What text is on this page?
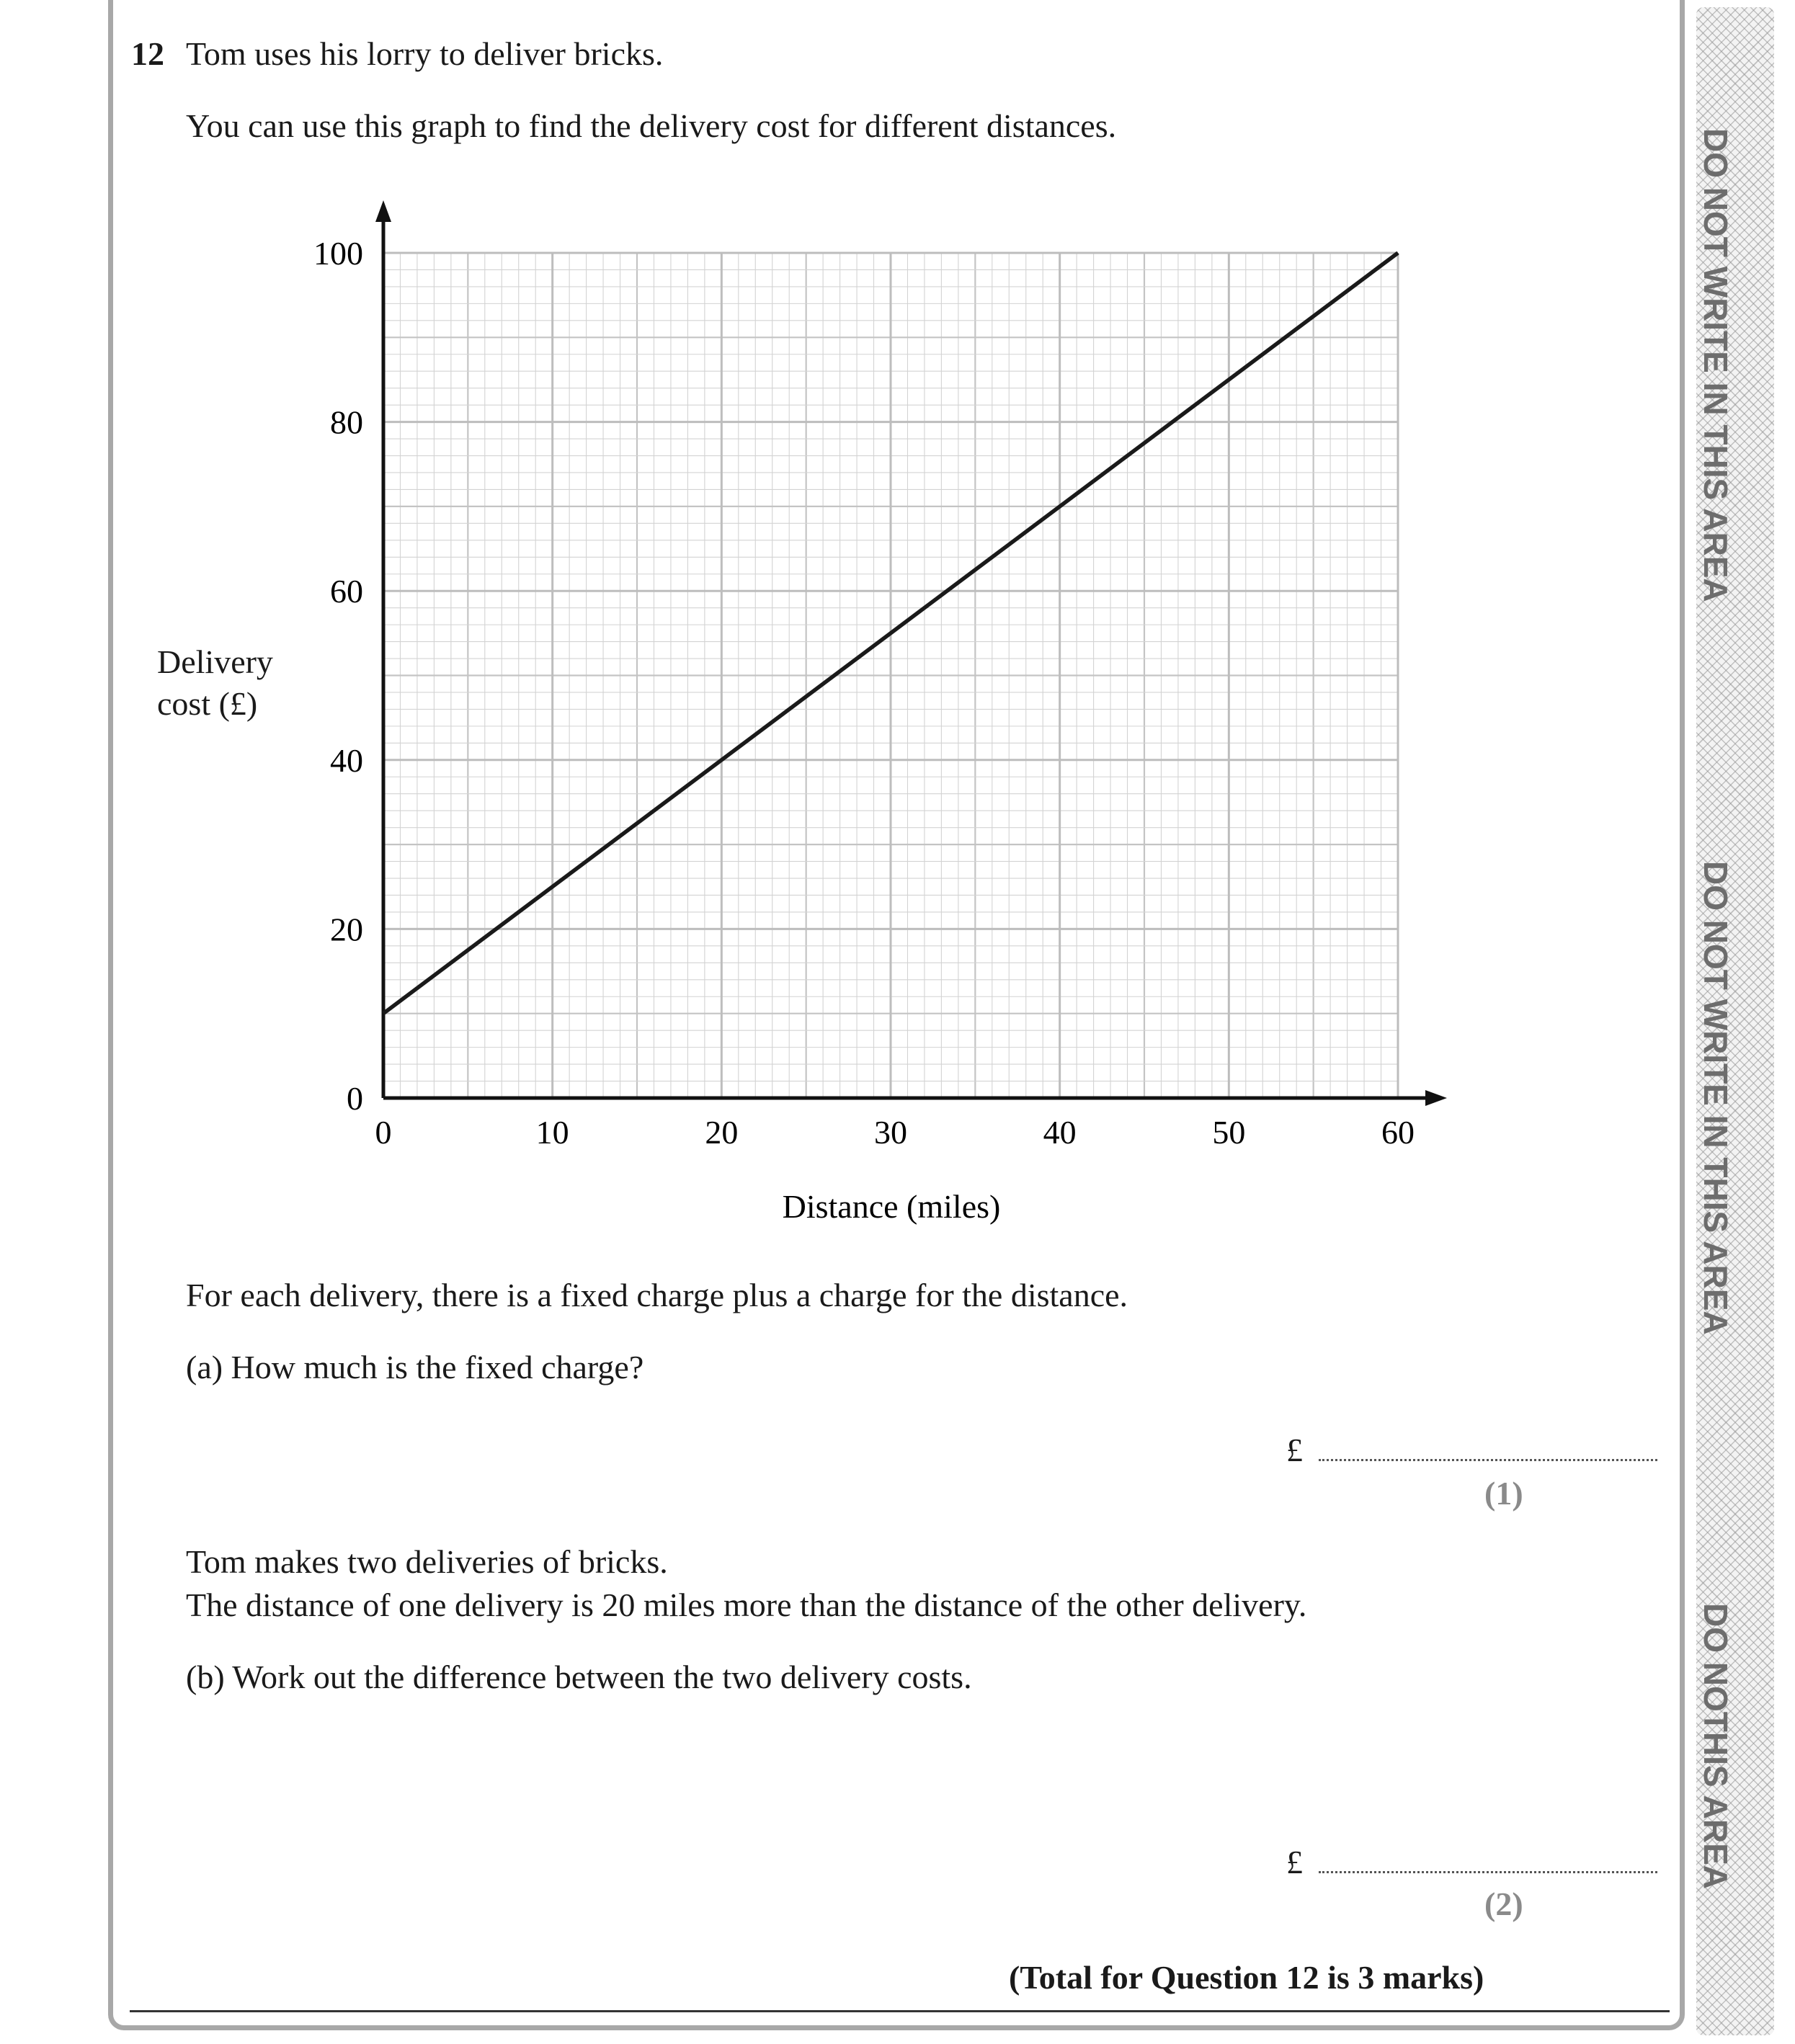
DO NOT WRITE IN THIS AREA
DO NOT WRITE IN THIS AREA
DO NOTHIS AREA
12 Tom uses his lorry to deliver bricks.
You can use this graph to find the delivery cost for different distances.
Delivery
cost (£)
0	10	20	30	40	50	60
0
20
40
60
80
100
Distance (miles)
For each delivery, there is a fixed charge plus a charge for the distance.
(a) How much is the fixed charge?
£
(1)
Tom makes two deliveries of bricks.
The distance of one delivery is 20 miles more than the distance of the other delivery.
(b) Work out the difference between the two delivery costs.
£
(2)
(Total for Question 12 is 3 marks)
